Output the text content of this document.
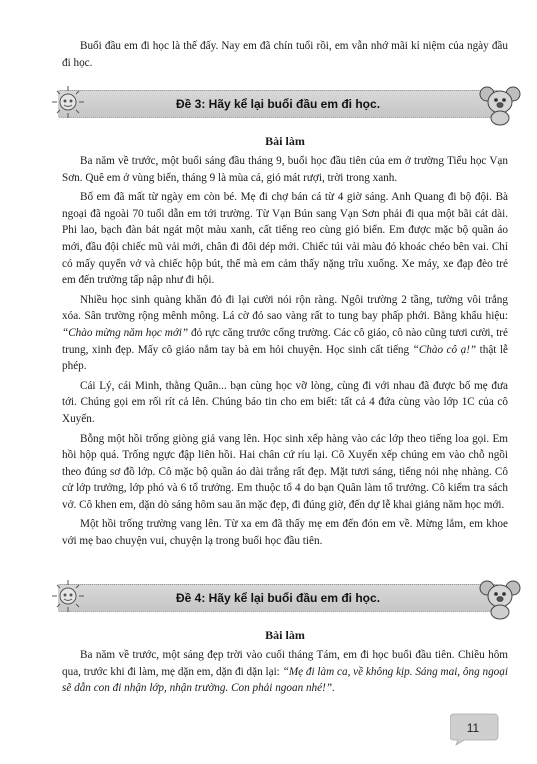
Buổi đầu em đi học là thế đấy. Nay em đã chín tuổi rồi, em vẫn nhớ mãi kỉ niệm của ngày đầu đi học.

Đề 3: Hãy kể lại buổi đầu em đi học.
Bài làm

Ba năm về trước, một buổi sáng đầu tháng 9, buổi học đầu tiên của em ở trường Tiểu học Vạn Sơn. Quê em ở vùng biển, tháng 9 là mùa cá, gió mát rượi, trời trong xanh.

Bố em đã mất từ ngày em còn bé. Mẹ đi chợ bán cá từ 4 giờ sáng. Anh Quang đi bộ đội. Bà ngoại đã ngoài 70 tuổi dẫn em tới trường. Từ Vạn Bún sang Vạn Sơn phải đi qua một bãi cát dài. Phi lao, bạch đàn bát ngát một màu xanh, cất tiếng reo cùng gió biển. Em được mặc bộ quần áo mới, đầu đội chiếc mũ vải mới, chân đi đôi dép mới. Chiếc túi vải màu đỏ khoác chéo bên vai. Chỉ có mấy quyển vở và chiếc hộp bút, thế mà em cảm thấy nặng trĩu xuống. Xe máy, xe đạp đèo trẻ em đến trường tấp nập như đi hội.

Nhiều học sinh quàng khăn đỏ đi lại cười nói rộn ràng. Ngôi trường 2 tầng, tường vôi trắng xóa. Sân trường rộng mênh mông. Lá cờ đỏ sao vàng rất to tung bay phấp phới. Bằng khẩu hiệu: “Chào mừng năm học mới” đỏ rực căng trước cổng trường. Các cô giáo, cô nào cũng tươi cười, trẻ trung, xinh đẹp. Mấy cô giáo nắm tay bà em hỏi chuyện. Học sinh cất tiếng “Chào cô ạ!” thật lễ phép.

Cái Lý, cái Minh, thằng Quân... bạn cùng học vỡ lòng, cùng đi với nhau đã được bố mẹ đưa tới. Chúng gọi em rối rít cả lên. Chúng báo tin cho em biết: tất cả 4 đứa cùng vào lớp 1C của cô Xuyến.

Bỗng một hồi trống giòng giả vang lên. Học sinh xếp hàng vào các lớp theo tiếng loa gọi. Em hồi hộp quá. Trống ngực đập liên hồi. Hai chân cứ ríu lại. Cô Xuyến xếp chúng em vào chỗ ngồi theo đúng sơ đồ lớp. Cô mặc bộ quần áo dài trắng rất đẹp. Mặt tươi sáng, tiếng nói nhẹ nhàng. Cô cử lớp trưởng, lớp phó và 6 tổ trưởng. Em thuộc tổ 4 do bạn Quân làm tổ trưởng. Cô kiểm tra sách vở. Cô khen em, dặn dò sáng hôm sau ăn mặc đẹp, đi đúng giờ, đến dự lễ khai giảng năm học mới.

Một hồi trống trường vang lên. Từ xa em đã thấy mẹ em đến đón em về. Mừng lắm, em khoe với mẹ bao chuyện vui, chuyện lạ trong buổi học đầu tiên.

Đề 4: Hãy kể lại buổi đầu em đi học.
Bài làm

Ba năm về trước, một sáng đẹp trời vào cuối tháng Tám, em đi học buổi đầu tiên. Chiều hôm qua, trước khi đi làm, mẹ dặn em, dặn đi dặn lại: “Mẹ đi làm ca, về không kịp. Sáng mai, ông ngoại sẽ dẫn con đi nhận lớp, nhận trường. Con phải ngoan nhé!”.

11
